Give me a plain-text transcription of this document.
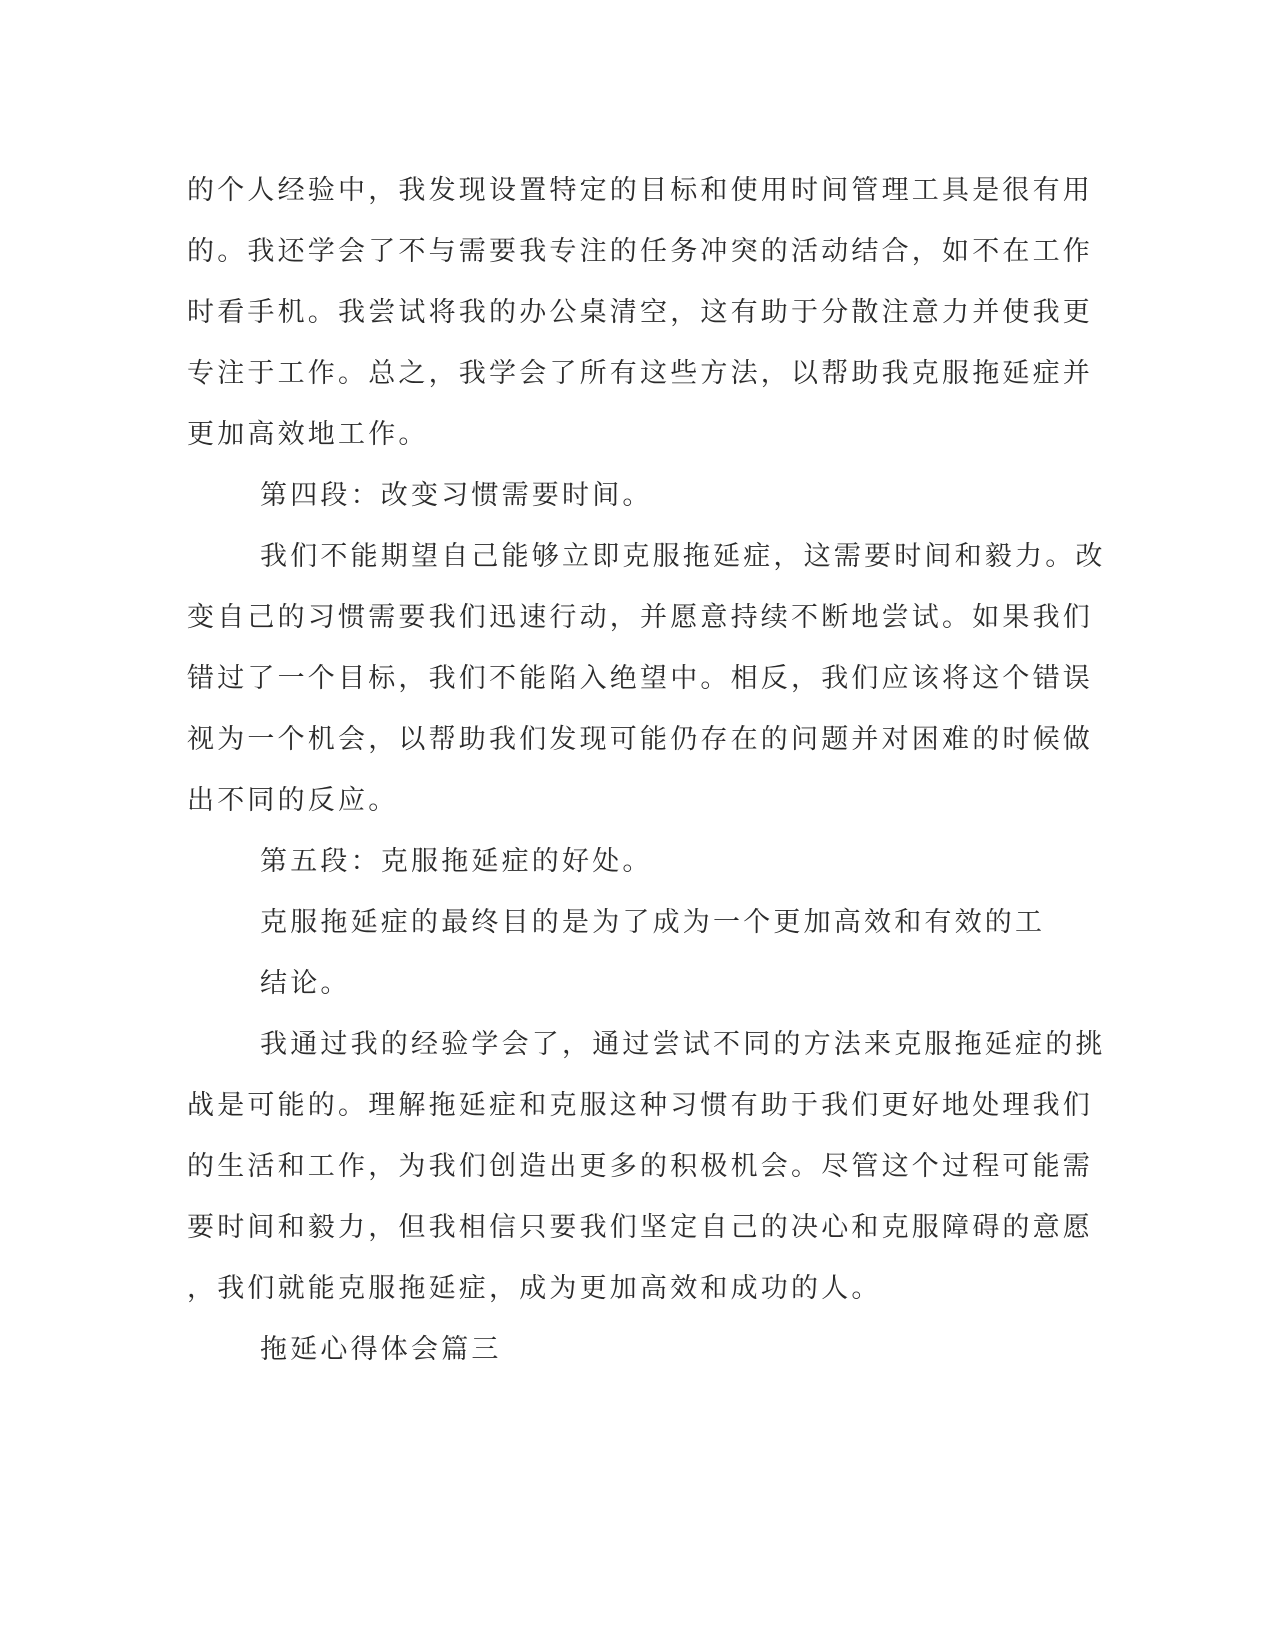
的个人经验中，我发现设置特定的目标和使用时间管理工具是很有用
的。我还学会了不与需要我专注的任务冲突的活动结合，如不在工作
时看手机。我尝试将我的办公桌清空，这有助于分散注意力并使我更
专注于工作。总之，我学会了所有这些方法，以帮助我克服拖延症并
更加高效地工作。

第四段：改变习惯需要时间。

我们不能期望自己能够立即克服拖延症，这需要时间和毅力。改
变自己的习惯需要我们迅速行动，并愿意持续不断地尝试。如果我们
错过了一个目标，我们不能陷入绝望中。相反，我们应该将这个错误
视为一个机会，以帮助我们发现可能仍存在的问题并对困难的时候做
出不同的反应。

第五段：克服拖延症的好处。

克服拖延症的最终目的是为了成为一个更加高效和有效的工

结论。

我通过我的经验学会了，通过尝试不同的方法来克服拖延症的挑
战是可能的。理解拖延症和克服这种习惯有助于我们更好地处理我们
的生活和工作，为我们创造出更多的积极机会。尽管这个过程可能需
要时间和毅力，但我相信只要我们坚定自己的决心和克服障碍的意愿
，我们就能克服拖延症，成为更加高效和成功的人。

拖延心得体会篇三
